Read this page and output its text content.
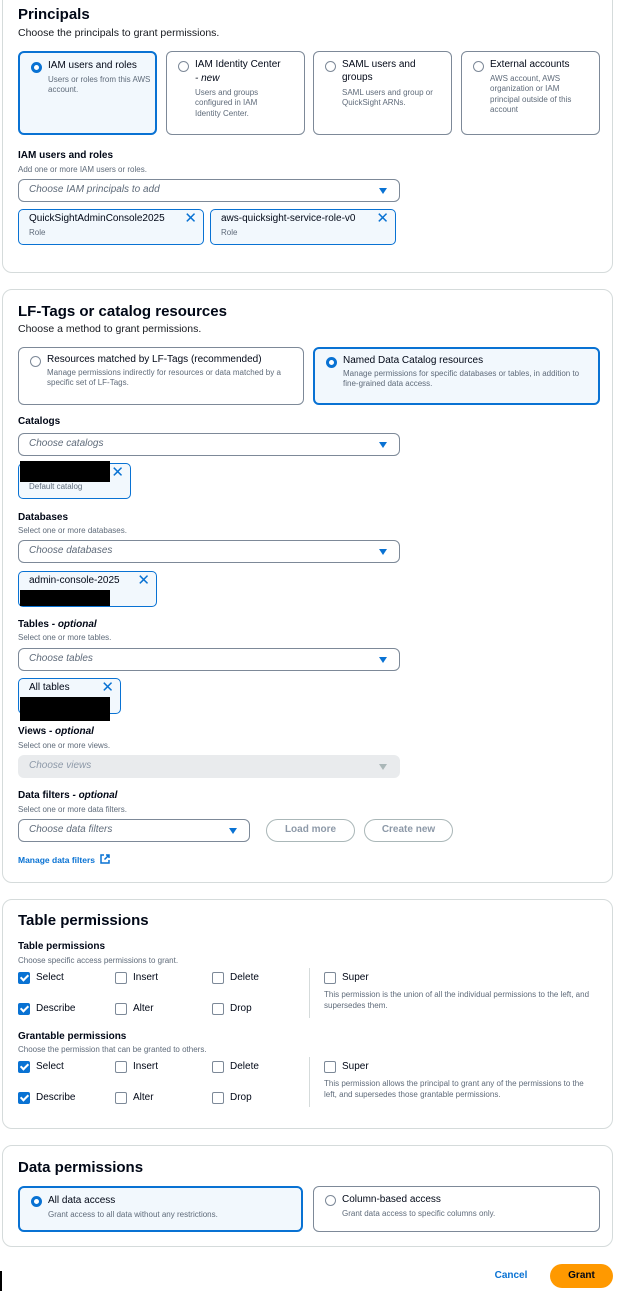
Principals
Choose the principals to grant permissions.
IAM users and roles
Users or roles from this AWS account.
IAM Identity Center
- new
Users and groups configured in IAM Identity Center.
SAML users and groups
SAML users and group or QuickSight ARNs.
External accounts
AWS account, AWS organization or IAM principal outside of this account
IAM users and roles
Add one or more IAM users or roles.
Choose IAM principals to add
QuickSightAdminConsole2025
Role
✕ aws-quicksight-service-role-v0
Role
✕
LF-Tags or catalog resources
Choose a method to grant permissions.
Resources matched by LF-Tags (recommended)
Manage permissions indirectly for resources or data matched by a specific set of LF-Tags.
Named Data Catalog resources
Manage permissions for specific databases or tables, in addition to fine-grained data access.
Catalogs
Choose catalogs
Default catalog
✕
Databases
Select one or more databases.
Choose databases
admin-console-2025 ✕
Tables - optional
Select one or more tables.
Choose tables
All tables ✕
Views - optional
Select one or more views.
Choose views
Data filters - optional
Select one or more data filters.
Choose data filters	Load more	Create new
Manage data filters
Table permissions
Table permissions
Choose specific access permissions to grant.
Select	Insert	Delete
Describe	Alter	Drop
Super
This permission is the union of all the individual permissions to the left, and supersedes them.
Grantable permissions
Choose the permission that can be granted to others.
Select	Insert	Delete
Describe	Alter	Drop
Super
This permission allows the principal to grant any of the permissions to the left, and supersedes those grantable permissions.
Data permissions
All data access
Grant access to all data without any restrictions.
Column-based access
Grant data access to specific columns only.
Cancel	Grant
